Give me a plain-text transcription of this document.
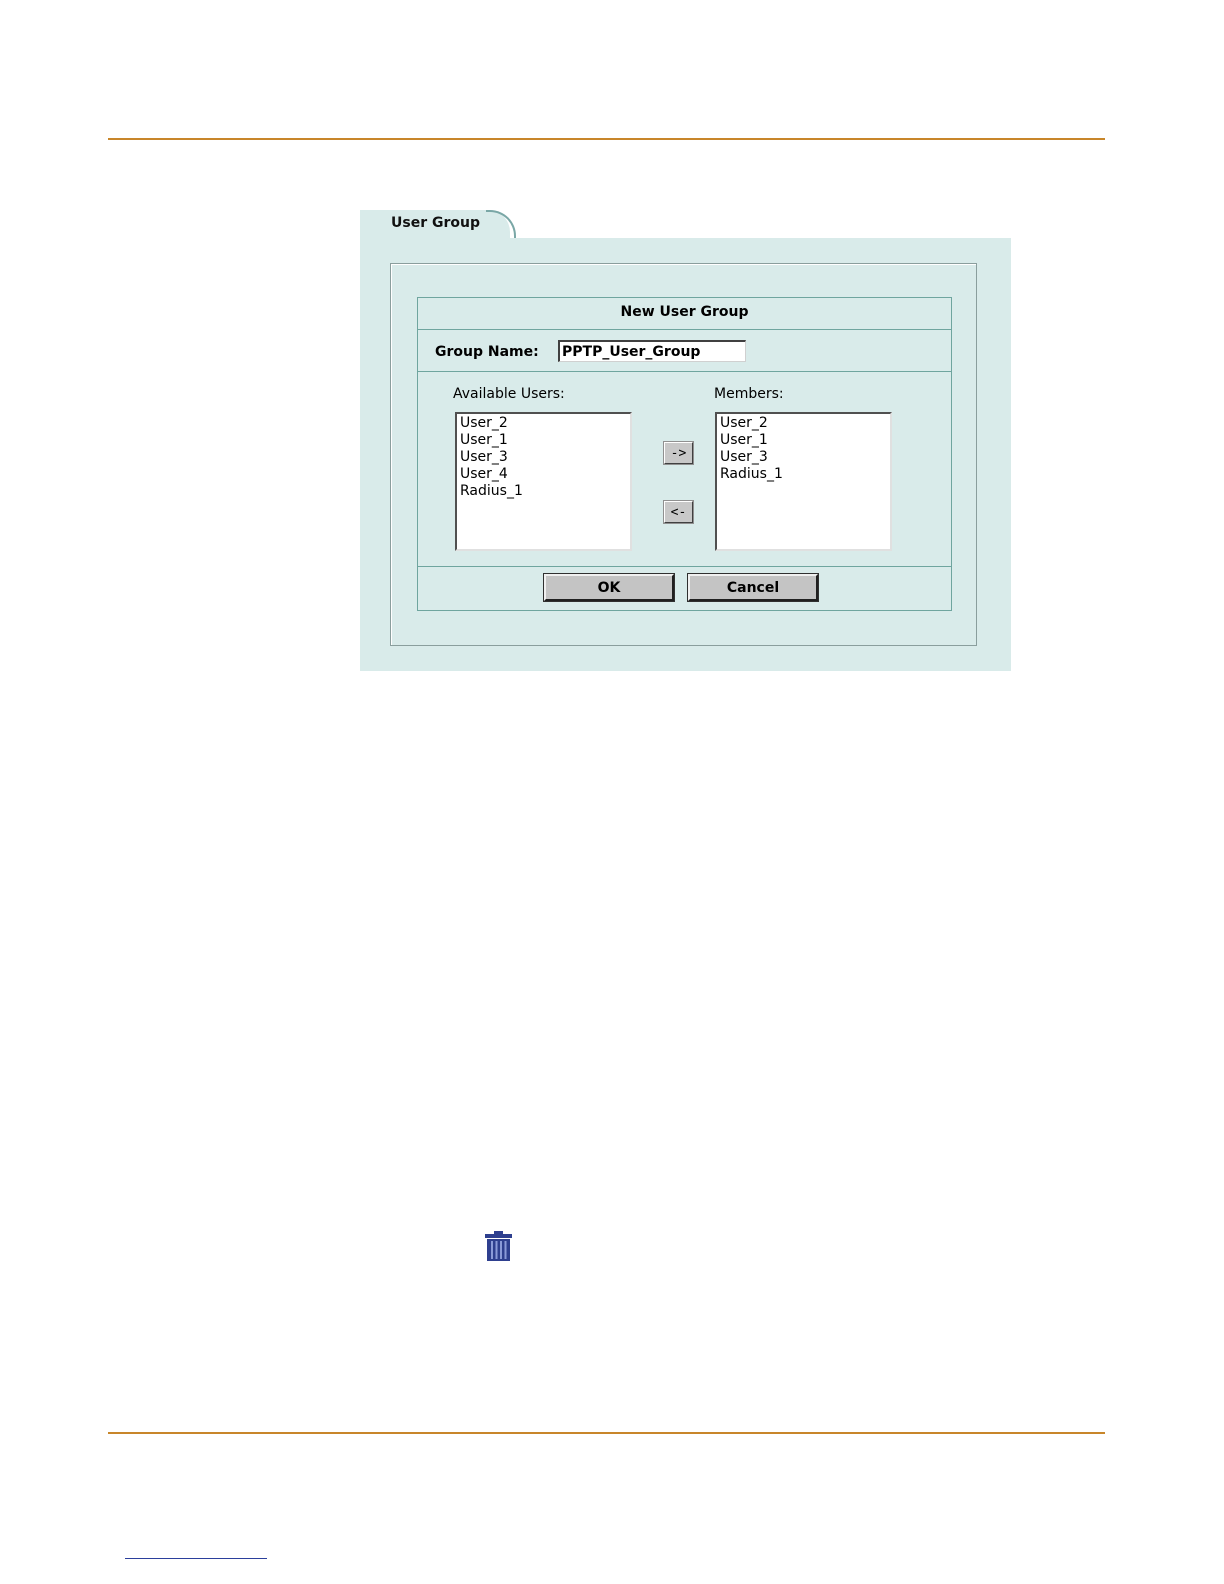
User Group
New User Group
Group Name:
PPTP_User_Group
Available Users:
User_2
User_1
User_3
User_4
Radius_1
->
<-
Members:
User_2
User_1
User_3
Radius_1
OK	Cancel
